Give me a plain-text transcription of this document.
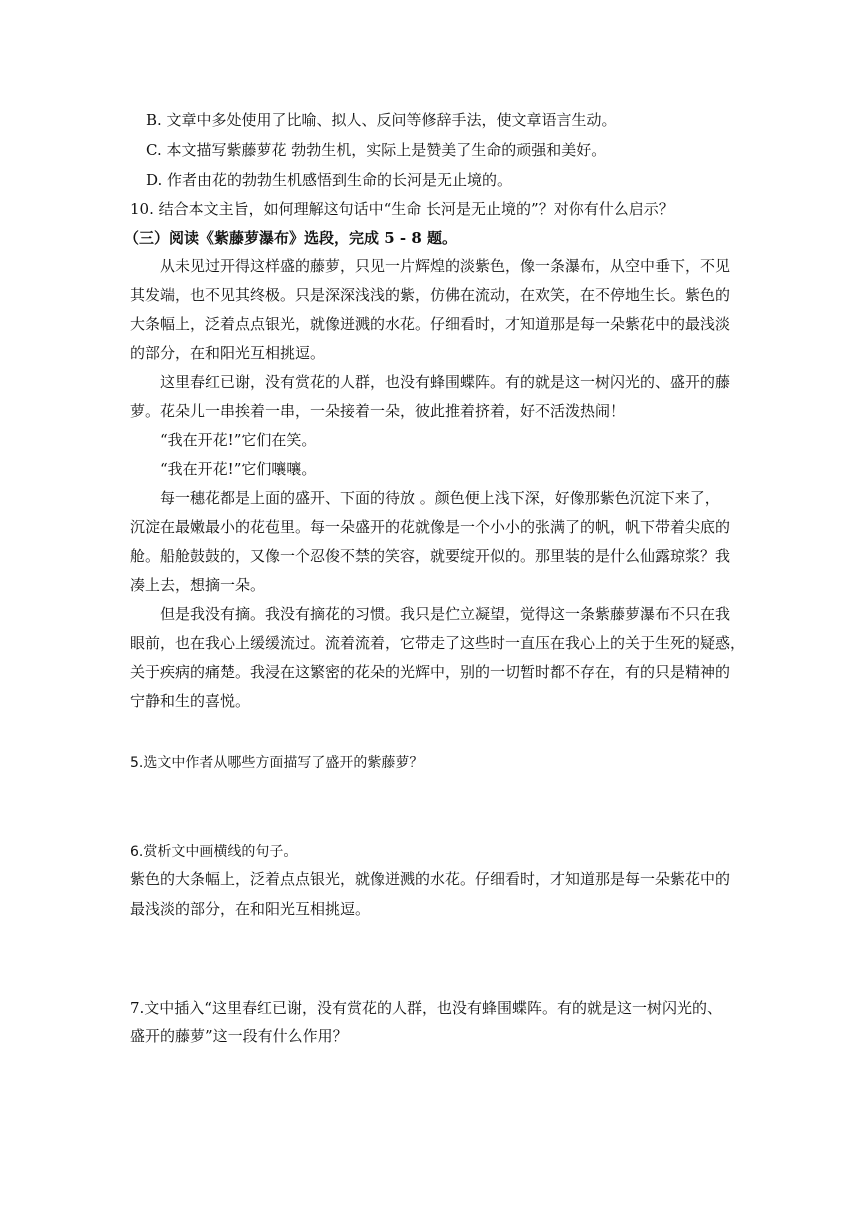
B. 文章中多处使用了比喻、拟人、反问等修辞手法，使文章语言生动。
C. 本文描写紫藤萝花 勃勃生机，实际上是赞美了生命的顽强和美好。
D. 作者由花的勃勃生机感悟到生命的长河是无止境的。
10. 结合本文主旨，如何理解这句话中“生命 长河是无止境的”？对你有什么启示？
（三）阅读《紫藤萝瀑布》选段，完成 5 - 8 题。
从未见过开得这样盛的藤萝，只见一片辉煌的淡紫色，像一条瀑布，从空中垂下，不见
其发端，也不见其终极。只是深深浅浅的紫，仿佛在流动，在欢笑，在不停地生长。紫色的
大条幅上，泛着点点银光，就像迸溅的水花。仔细看时，才知道那是每一朵紫花中的最浅淡
的部分，在和阳光互相挑逗。
这里春红已谢，没有赏花的人群，也没有蜂围蝶阵。有的就是这一树闪光的、盛开的藤
萝。花朵儿一串挨着一串，一朵接着一朵，彼此推着挤着，好不活泼热闹！
“我在开花!”它们在笑。
“我在开花!”它们嚷嚷。
每一穗花都是上面的盛开、下面的待放 。颜色便上浅下深，好像那紫色沉淀下来了，
沉淀在最嫩最小的花苞里。每一朵盛开的花就像是一个小小的张满了的帆，帆下带着尖底的
舱。船舱鼓鼓的，又像一个忍俊不禁的笑容，就要绽开似的。那里装的是什么仙露琼浆？我
凑上去，想摘一朵。
但是我没有摘。我没有摘花的习惯。我只是伫立凝望，觉得这一条紫藤萝瀑布不只在我
眼前，也在我心上缓缓流过。流着流着，它带走了这些时一直压在我心上的关于生死的疑惑，
关于疾病的痛楚。我浸在这繁密的花朵的光辉中，别的一切暂时都不存在，有的只是精神的
宁静和生的喜悦。
5.选文中作者从哪些方面描写了盛开的紫藤萝？
6.赏析文中画横线的句子。
紫色的大条幅上，泛着点点银光，就像迸溅的水花。仔细看时，才知道那是每一朵紫花中的
最浅淡的部分，在和阳光互相挑逗。
7.文中插入“这里春红已谢，没有赏花的人群，也没有蜂围蝶阵。有的就是这一树闪光的、
盛开的藤萝”这一段有什么作用？
